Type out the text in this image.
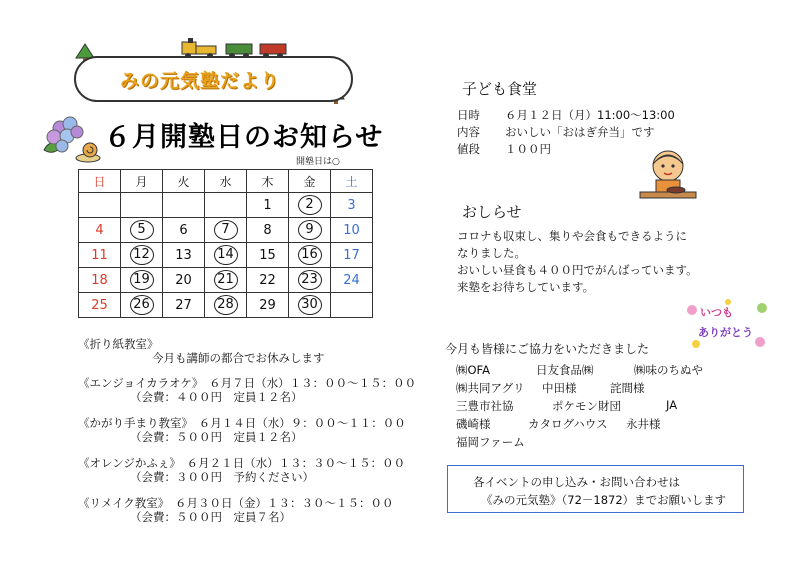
みの元気塾だより
６月開塾日のお知らせ
開塾日は○
日	月	火	水	木	金	土
				1	2	3
4	5	6	7	8	9	10
11	12	13	14	15	16	17
18	19	20	21	22	23	24
25	26	27	28	29	30	
《折り紙教室》
今月も講師の都合でお休みします
《エンジョイカラオケ》　６月７日（水）１３：００～１５：００
（会費：４００円　定員１２名）
《かがり手まり教室》　６月１４日（水）９：００～１１：００
（会費：５００円　定員１２名）
《オレンジかふぇ》　６月２１日（水）１３：３０～１５：００
（会費：３００円　予約ください）
《リメイク教室》　６月３０日（金）１３：３０～１５：００
（会費：５００円　定員７名）
子ども食堂
日時 ６月１２日（月）11:00～13:00
内容 おいしい「おはぎ弁当」です
値段 １００円
おしらせ
コロナも収束し、集りや会食もできるように
なりました。
おいしい昼食も４００円でがんばっています。
来塾をお待ちしています。
いつも
ありがとう
今月も皆様にご協力をいただきました
㈱OFA	日友食品㈱	㈱味のちぬや
㈱共同アグリ 中田様	詫間様
三豊市社協	ポケモン財団	JA
磯崎様	カタログハウス 永井様
福岡ファーム
各イベントの申し込み・お問い合わせは
《みの元気塾》（72－1872）までお願いします
